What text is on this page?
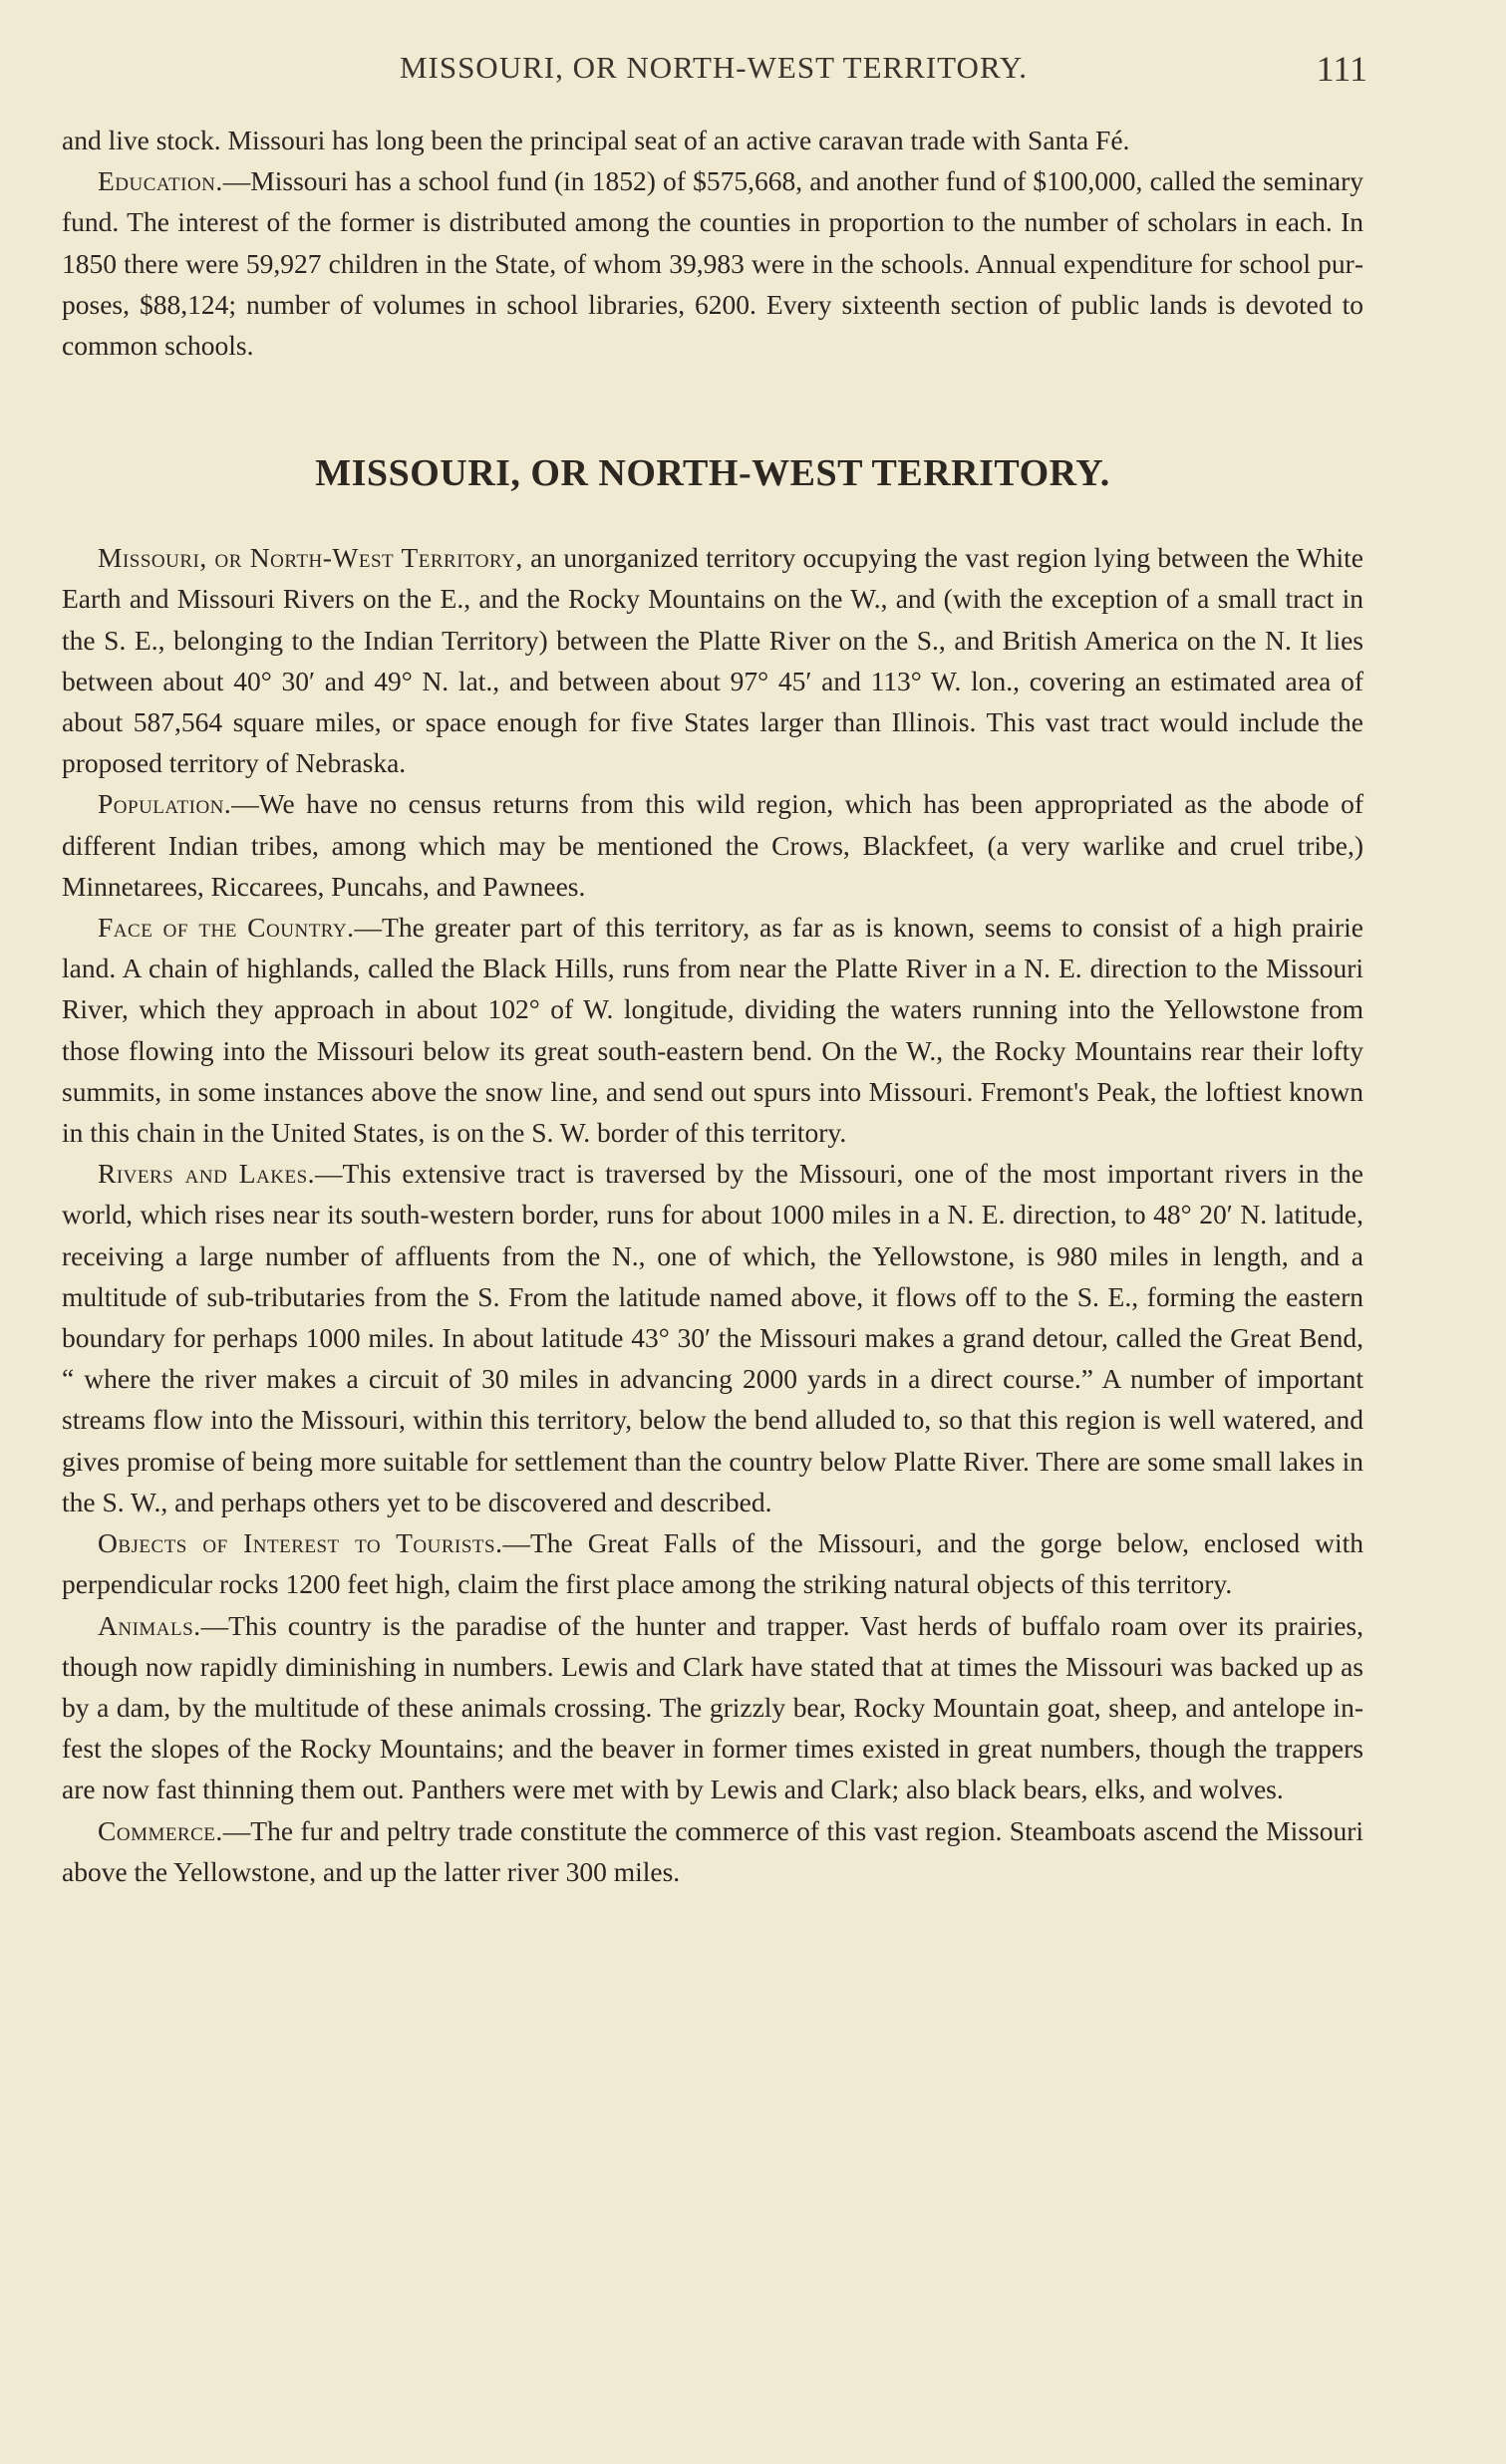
MISSOURI, OR NORTH-WEST TERRITORY.	111

and live stock. Missouri has long been the principal seat of an active caravan trade with Santa Fé.

Education.—Missouri has a school fund (in 1852) of $575,668, and another fund of $100,000, called the seminary fund. The interest of the former is distributed among the counties in proportion to the number of scholars in each. In 1850 there were 59,927 children in the State, of whom 39,983 were in the schools. Annual expenditure for school purposes, $88,124; number of volumes in school libraries, 6200. Every sixteenth section of public lands is devoted to common schools.

MISSOURI, OR NORTH-WEST TERRITORY.

Missouri, or North-West Territory, an unorganized territory occupying the vast region lying between the White Earth and Missouri Rivers on the E., and the Rocky Mountains on the W., and (with the exception of a small tract in the S. E., belonging to the Indian Territory) between the Platte River on the S., and British America on the N. It lies between about 40° 30′ and 49° N. lat., and between about 97° 45′ and 113° W. lon., covering an estimated area of about 587,564 square miles, or space enough for five States larger than Illinois. This vast tract would include the proposed territory of Nebraska.

Population.—We have no census returns from this wild region, which has been appropriated as the abode of different Indian tribes, among which may be mentioned the Crows, Blackfeet, (a very warlike and cruel tribe,) Minnetarees, Riccarees, Puncahs, and Pawnees.

Face of the Country.—The greater part of this territory, as far as is known, seems to consist of a high prairie land. A chain of highlands, called the Black Hills, runs from near the Platte River in a N. E. direction to the Missouri River, which they approach in about 102° of W. longitude, dividing the waters running into the Yellowstone from those flowing into the Missouri below its great south-eastern bend. On the W., the Rocky Mountains rear their lofty summits, in some instances above the snow line, and send out spurs into Missouri. Fremont's Peak, the loftiest known in this chain in the United States, is on the S. W. border of this territory.

Rivers and Lakes.—This extensive tract is traversed by the Missouri, one of the most important rivers in the world, which rises near its south-western border, runs for about 1000 miles in a N. E. direction, to 48° 20′ N. latitude, receiving a large number of affluents from the N., one of which, the Yellowstone, is 980 miles in length, and a multitude of sub-tributaries from the S. From the latitude named above, it flows off to the S. E., forming the eastern boundary for perhaps 1000 miles. In about latitude 43° 30′ the Missouri makes a grand detour, called the Great Bend, “ where the river makes a circuit of 30 miles in advancing 2000 yards in a direct course.” A number of important streams flow into the Missouri, within this territory, below the bend alluded to, so that this region is well watered, and gives promise of being more suitable for settlement than the country below Platte River. There are some small lakes in the S. W., and perhaps others yet to be discovered and described.

Objects of Interest to Tourists.—The Great Falls of the Missouri, and the gorge below, enclosed with perpendicular rocks 1200 feet high, claim the first place among the striking natural objects of this territory.

Animals.—This country is the paradise of the hunter and trapper. Vast herds of buffalo roam over its prairies, though now rapidly diminishing in numbers. Lewis and Clark have stated that at times the Missouri was backed up as by a dam, by the multitude of these animals crossing. The grizzly bear, Rocky Mountain goat, sheep, and antelope infest the slopes of the Rocky Mountains; and the beaver in former times existed in great numbers, though the trappers are now fast thinning them out. Panthers were met with by Lewis and Clark; also black bears, elks, and wolves.

Commerce.—The fur and peltry trade constitute the commerce of this vast region. Steamboats ascend the Missouri above the Yellowstone, and up the latter river 300 miles.
